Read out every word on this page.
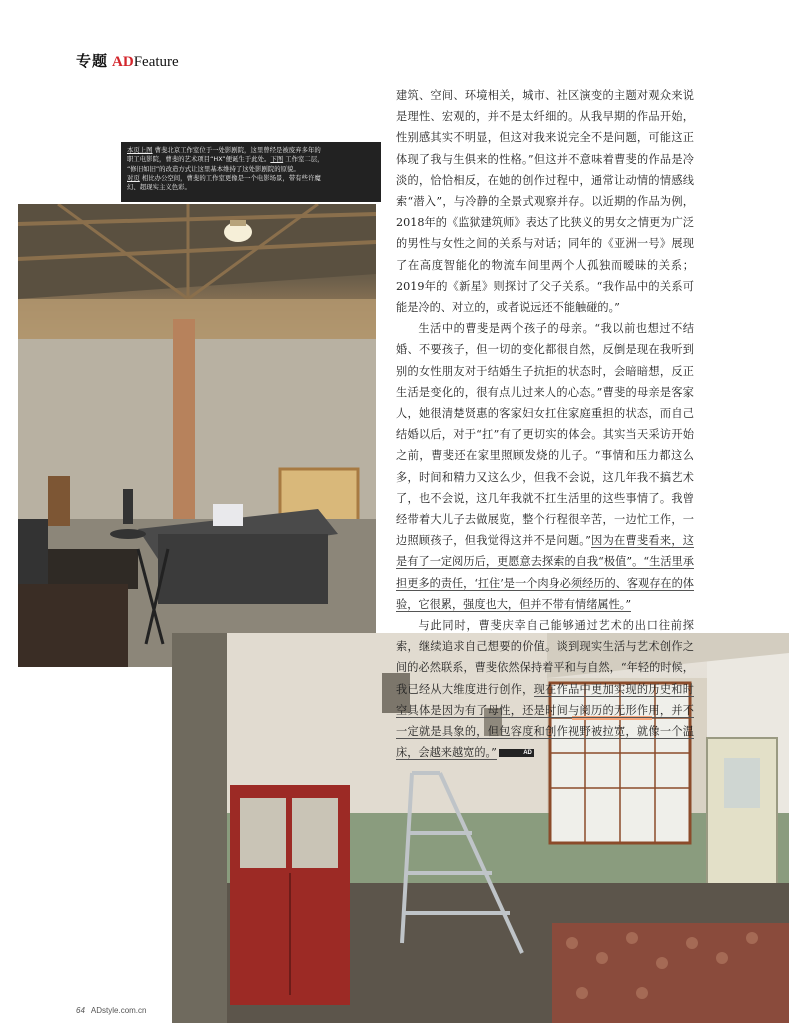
专题 ADFeature
本页上图 曹斐北京工作室位于一处影剧院，这里曾经是被废弃多年的
职工电影院，曹斐的艺术项目“HX”便诞生于此处。下图 工作室二层，
“修旧如旧”的改造方式让这里基本维持了这处影剧院的原貌。
对页 相比办公空间，曹斐的工作室更像是一个电影场景，带有些许魔
幻、超现实主义色彩。

建筑、空间、环境相关，城市、社区演变的主题对观众来说是理性、宏观的，并不是太纤细的。从我早期的作品开始，性别感其实不明显，但这对我来说完全不是问题，可能这正体现了我与生俱来的性格。”但这并不意味着曹斐的作品是冷淡的，恰恰相反，在她的创作过程中，通常让动情的情感线索“潜入”，与冷静的全景式观察并存。以近期的作品为例，2018年的《监狱建筑师》表达了比狭义的男女之情更为广泛的男性与女性之间的关系与对话；同年的《亚洲一号》展现了在高度智能化的物流车间里两个人孤独而暧昧的关系；2019年的《新星》则探讨了父子关系。“我作品中的关系可能是冷的、对立的，或者说远还不能触碰的。”

生活中的曹斐是两个孩子的母亲。“我以前也想过不结婚、不要孩子，但一切的变化都很自然，反倒是现在我听到别的女性朋友对于结婚生子抗拒的状态时，会暗暗想，反正生活是变化的，很有点儿过来人的心态。”曹斐的母亲是客家人，她很清楚贤惠的客家妇女扛住家庭重担的状态，而自己结婚以后，对于“扛”有了更切实的体会。其实当天采访开始之前，曹斐还在家里照顾发烧的儿子。“事情和压力都这么多，时间和精力又这么少，但我不会说，这几年我不搞艺术了，也不会说，这几年我就不扛生活里的这些事情了。我曾经带着大儿子去做展览，整个行程很辛苦，一边忙工作，一边照顾孩子，但我觉得这并不是问题。”因为在曹斐看来，这是有了一定阅历后，更愿意去探索的自我“极值”。“生活里承担更多的责任，‘扛住’是一个肉身必须经历的、客观存在的体验，它很累，强度也大，但并不带有情绪属性。”

与此同时，曹斐庆幸自己能够通过艺术的出口往前探索，继续追求自己想要的价值。谈到现实生活与艺术创作之间的必然联系，曹斐依然保持着平和与自然，“年轻的时候，我已经从大维度进行创作，现在作品中更加实现的历史和时空具体是因为有了母性，还是时间与阅历的无形作用，并不一定就是具象的，但包容度和创作视野被拉宽，就像一个温床，会越来越宽的。”	AD

64 ADstyle.com.cn
